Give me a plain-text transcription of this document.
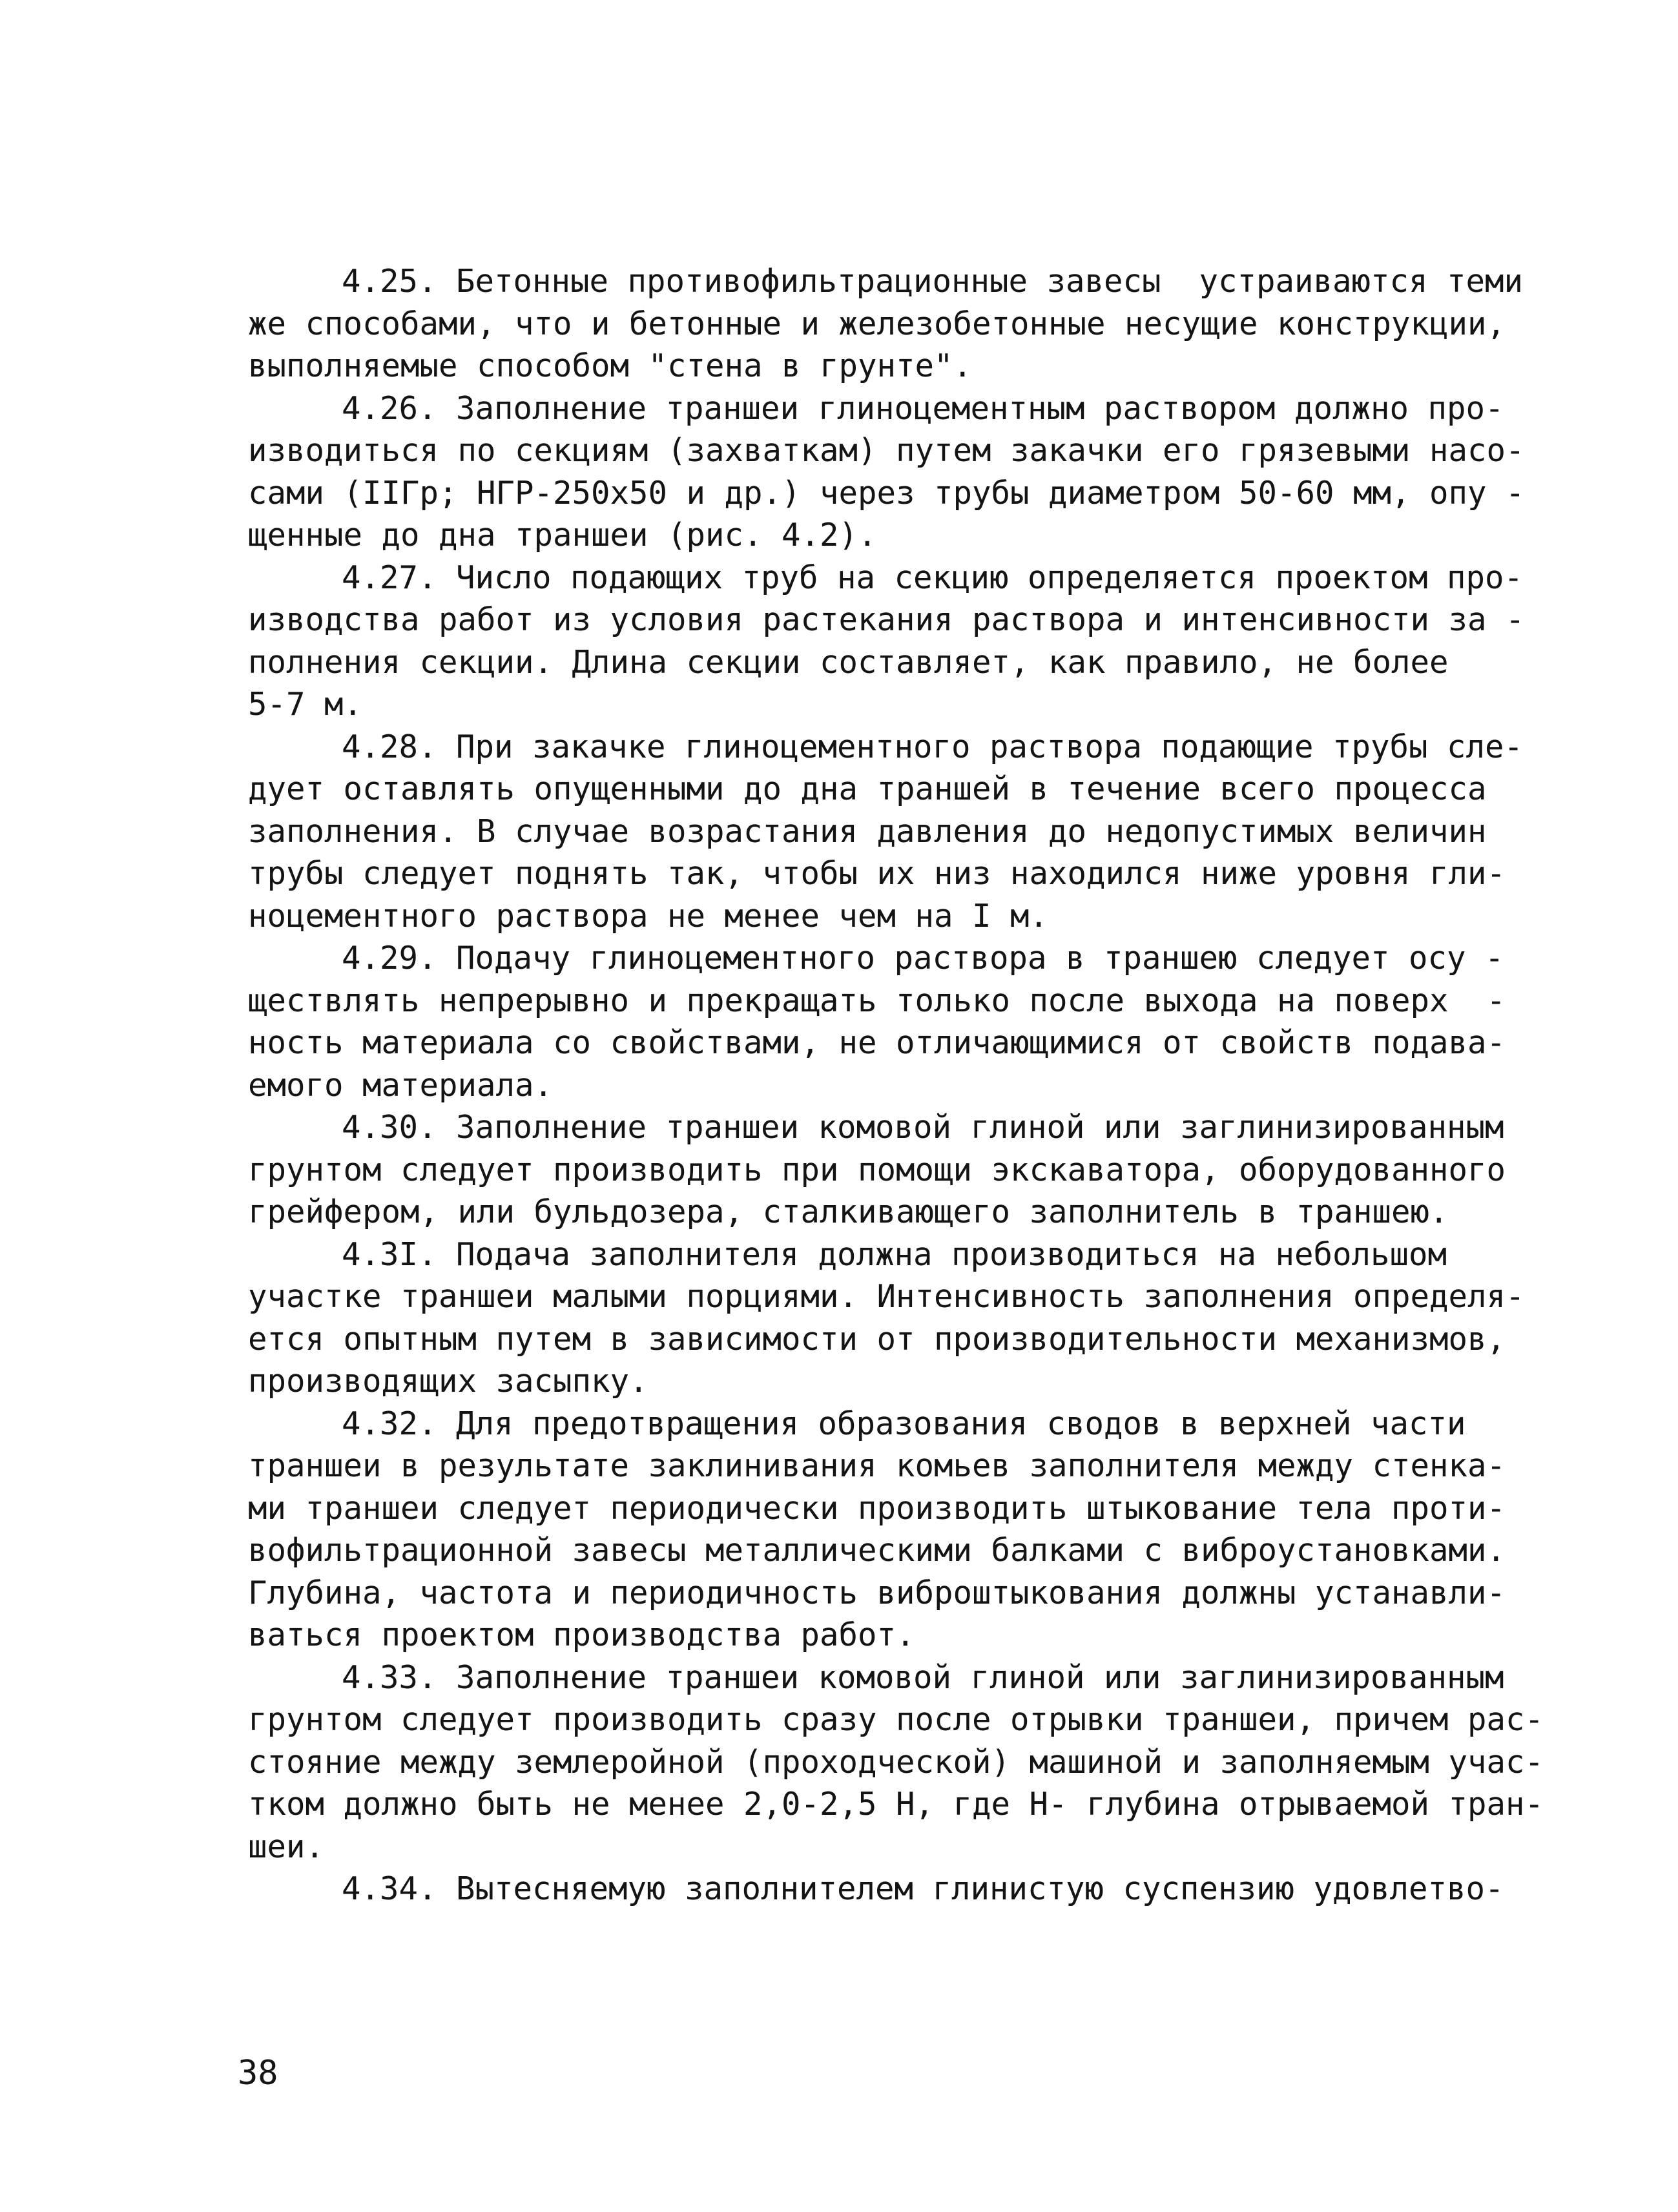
4.25. Бетонные противофильтрационные завесы  устраиваются теми
же способами, что и бетонные и железобетонные несущие конструкции,
выполняемые способом "стена в грунте".
4.26. Заполнение траншеи глиноцементным раствором должно про-
изводиться по секциям (захваткам) путем закачки его грязевыми насо-
сами (IIГр; НГР-250х50 и др.) через трубы диаметром 50-60 мм, опу -
щенные до дна траншеи (рис. 4.2).
4.27. Число подающих труб на секцию определяется проектом про-
изводства работ из условия растекания раствора и интенсивности за -
полнения секции. Длина секции составляет, как правило, не более
5-7 м.
4.28. При закачке глиноцементного раствора подающие трубы сле-
дует оставлять опущенными до дна траншей в течение всего процесса
заполнения. В случае возрастания давления до недопустимых величин
трубы следует поднять так, чтобы их низ находился ниже уровня гли-
ноцементного раствора не менее чем на I м.
4.29. Подачу глиноцементного раствора в траншею следует осу -
ществлять непрерывно и прекращать только после выхода на поверх  -
ность материала со свойствами, не отличающимися от свойств подава-
емого материала.
4.30. Заполнение траншеи комовой глиной или заглинизированным
грунтом следует производить при помощи экскаватора, оборудованного
грейфером, или бульдозера, сталкивающего заполнитель в траншею.
4.3I. Подача заполнителя должна производиться на небольшом
участке траншеи малыми порциями. Интенсивность заполнения определя-
ется опытным путем в зависимости от производительности механизмов,
производящих засыпку.
4.32. Для предотвращения образования сводов в верхней части
траншеи в результате заклинивания комьев заполнителя между стенка-
ми траншеи следует периодически производить штыкование тела проти-
вофильтрационной завесы металлическими балками с виброустановками.
Глубина, частота и периодичность виброштыкования должны устанавли-
ваться проектом производства работ.
4.33. Заполнение траншеи комовой глиной или заглинизированным
грунтом следует производить сразу после отрывки траншеи, причем рас-
стояние между землеройной (проходческой) машиной и заполняемым учас-
тком должно быть не менее 2,0-2,5 Н, где Н- глубина отрываемой тран-
шеи.
4.34. Вытесняемую заполнителем глинистую суспензию удовлетво-
38
